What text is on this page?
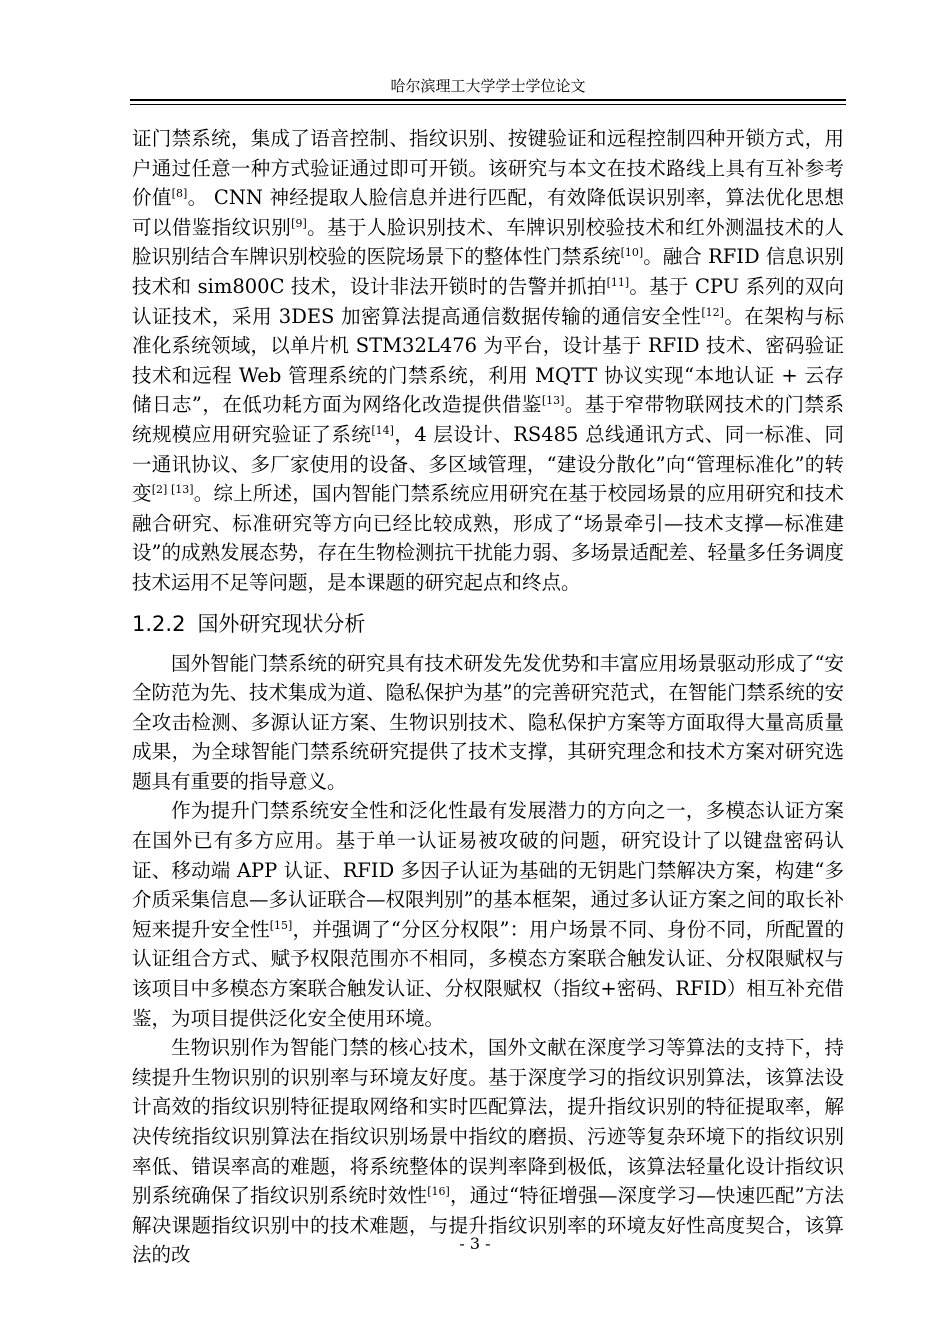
哈尔滨理工大学学士学位论文

证门禁系统，集成了语音控制、指纹识别、按键验证和远程控制四种开锁方式，用户通过任意一种方式验证通过即可开锁。该研究与本文在技术路线上具有互补参考价值[8]。 CNN 神经提取人脸信息并进行匹配，有效降低误识别率，算法优化思想可以借鉴指纹识别[9]。基于人脸识别技术、车牌识别校验技术和红外测温技术的人脸识别结合车牌识别校验的医院场景下的整体性门禁系统[10]。融合 RFID 信息识别技术和 sim800C 技术，设计非法开锁时的告警并抓拍[11]。基于 CPU 系列的双向认证技术，采用 3DES 加密算法提高通信数据传输的通信安全性[12]。在架构与标准化系统领域，以单片机 STM32L476 为平台，设计基于 RFID 技术、密码验证技术和远程 Web 管理系统的门禁系统，利用 MQTT 协议实现“本地认证 + 云存储日志”，在低功耗方面为网络化改造提供借鉴[13]。基于窄带物联网技术的门禁系统规模应用研究验证了系统[14]，4 层设计、RS485 总线通讯方式、同一标准、同一通讯协议、多厂家使用的设备、多区域管理，“建设分散化”向“管理标准化”的转变[2] [13]。综上所述，国内智能门禁系统应用研究在基于校园场景的应用研究和技术融合研究、标准研究等方向已经比较成熟，形成了“场景牵引—技术支撑—标准建设”的成熟发展态势，存在生物检测抗干扰能力弱、多场景适配差、轻量多任务调度技术运用不足等问题，是本课题的研究起点和终点。

1.2.2 国外研究现状分析

国外智能门禁系统的研究具有技术研发先发优势和丰富应用场景驱动形成了“安全防范为先、技术集成为道、隐私保护为基”的完善研究范式，在智能门禁系统的安全攻击检测、多源认证方案、生物识别技术、隐私保护方案等方面取得大量高质量成果，为全球智能门禁系统研究提供了技术支撑，其研究理念和技术方案对研究选题具有重要的指导意义。

作为提升门禁系统安全性和泛化性最有发展潜力的方向之一，多模态认证方案在国外已有多方应用。基于单一认证易被攻破的问题，研究设计了以键盘密码认证、移动端 APP 认证、RFID 多因子认证为基础的无钥匙门禁解决方案，构建“多介质采集信息—多认证联合—权限判别”的基本框架，通过多认证方案之间的取长补短来提升安全性[15]，并强调了“分区分权限”：用户场景不同、身份不同，所配置的认证组合方式、赋予权限范围亦不相同，多模态方案联合触发认证、分权限赋权与该项目中多模态方案联合触发认证、分权限赋权（指纹+密码、RFID）相互补充借鉴，为项目提供泛化安全使用环境。

生物识别作为智能门禁的核心技术，国外文献在深度学习等算法的支持下，持续提升生物识别的识别率与环境友好度。基于深度学习的指纹识别算法，该算法设计高效的指纹识别特征提取网络和实时匹配算法，提升指纹识别的特征提取率，解决传统指纹识别算法在指纹识别场景中指纹的磨损、污迹等复杂环境下的指纹识别率低、错误率高的难题，将系统整体的误判率降到极低，该算法轻量化设计指纹识别系统确保了指纹识别系统时效性[16]，通过“特征增强—深度学习—快速匹配”方法解决课题指纹识别中的技术难题，与提升指纹识别率的环境友好性高度契合，该算法的改	- 3 -
